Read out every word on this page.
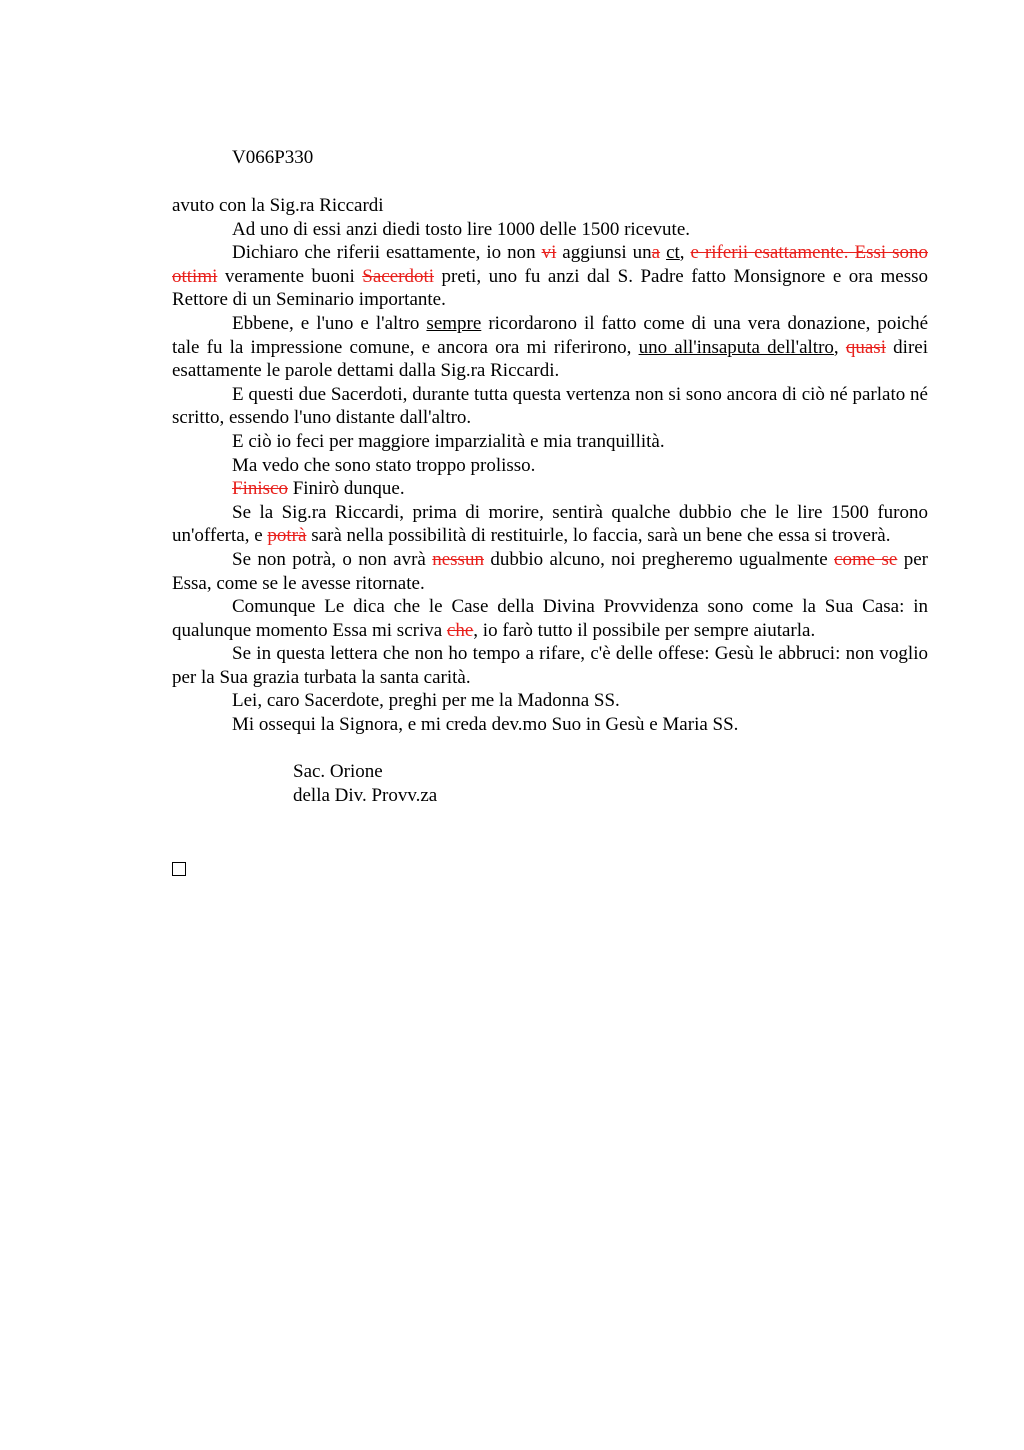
V066P330

avuto con la Sig.ra Riccardi

Ad uno di essi anzi diedi tosto lire 1000 delle 1500 ricevute.

Dichiaro che riferii esattamente, io non vi aggiunsi una ct, e riferii esattamente. Essi sono ottimi veramente buoni Sacerdoti preti, uno fu anzi dal S. Padre fatto Monsignore e ora messo Rettore di un Seminario importante.

Ebbene, e l'uno e l'altro sempre ricordarono il fatto come di una vera donazione, poiché tale fu la impressione comune, e ancora ora mi riferirono, uno all'insaputa dell'altro, quasi direi esattamente le parole dettami dalla Sig.ra Riccardi.

E questi due Sacerdoti, durante tutta questa vertenza non si sono ancora di ciò né parlato né scritto, essendo l'uno distante dall'altro.

E ciò io feci per maggiore imparzialità e mia tranquillità.

Ma vedo che sono stato troppo prolisso.

Finisco Finirò dunque.

Se la Sig.ra Riccardi, prima di morire, sentirà qualche dubbio che le lire 1500 furono un'offerta, e potrà sarà nella possibilità di restituirle, lo faccia, sarà un bene che essa si troverà.

Se non potrà, o non avrà nessun dubbio alcuno, noi pregheremo ugualmente come se per Essa, come se le avesse ritornate.

Comunque Le dica che le Case della Divina Provvidenza sono come la Sua Casa: in qualunque momento Essa mi scriva che, io farò tutto il possibile per sempre aiutarla.

Se in questa lettera che non ho tempo a rifare, c'è delle offese: Gesù le abbruci: non voglio per la Sua grazia turbata la santa carità.

Lei, caro Sacerdote, preghi per me la Madonna SS.

Mi ossequi la Signora, e mi creda dev.mo Suo in Gesù e Maria SS.

Sac. Orione

della Div. Provv.za
